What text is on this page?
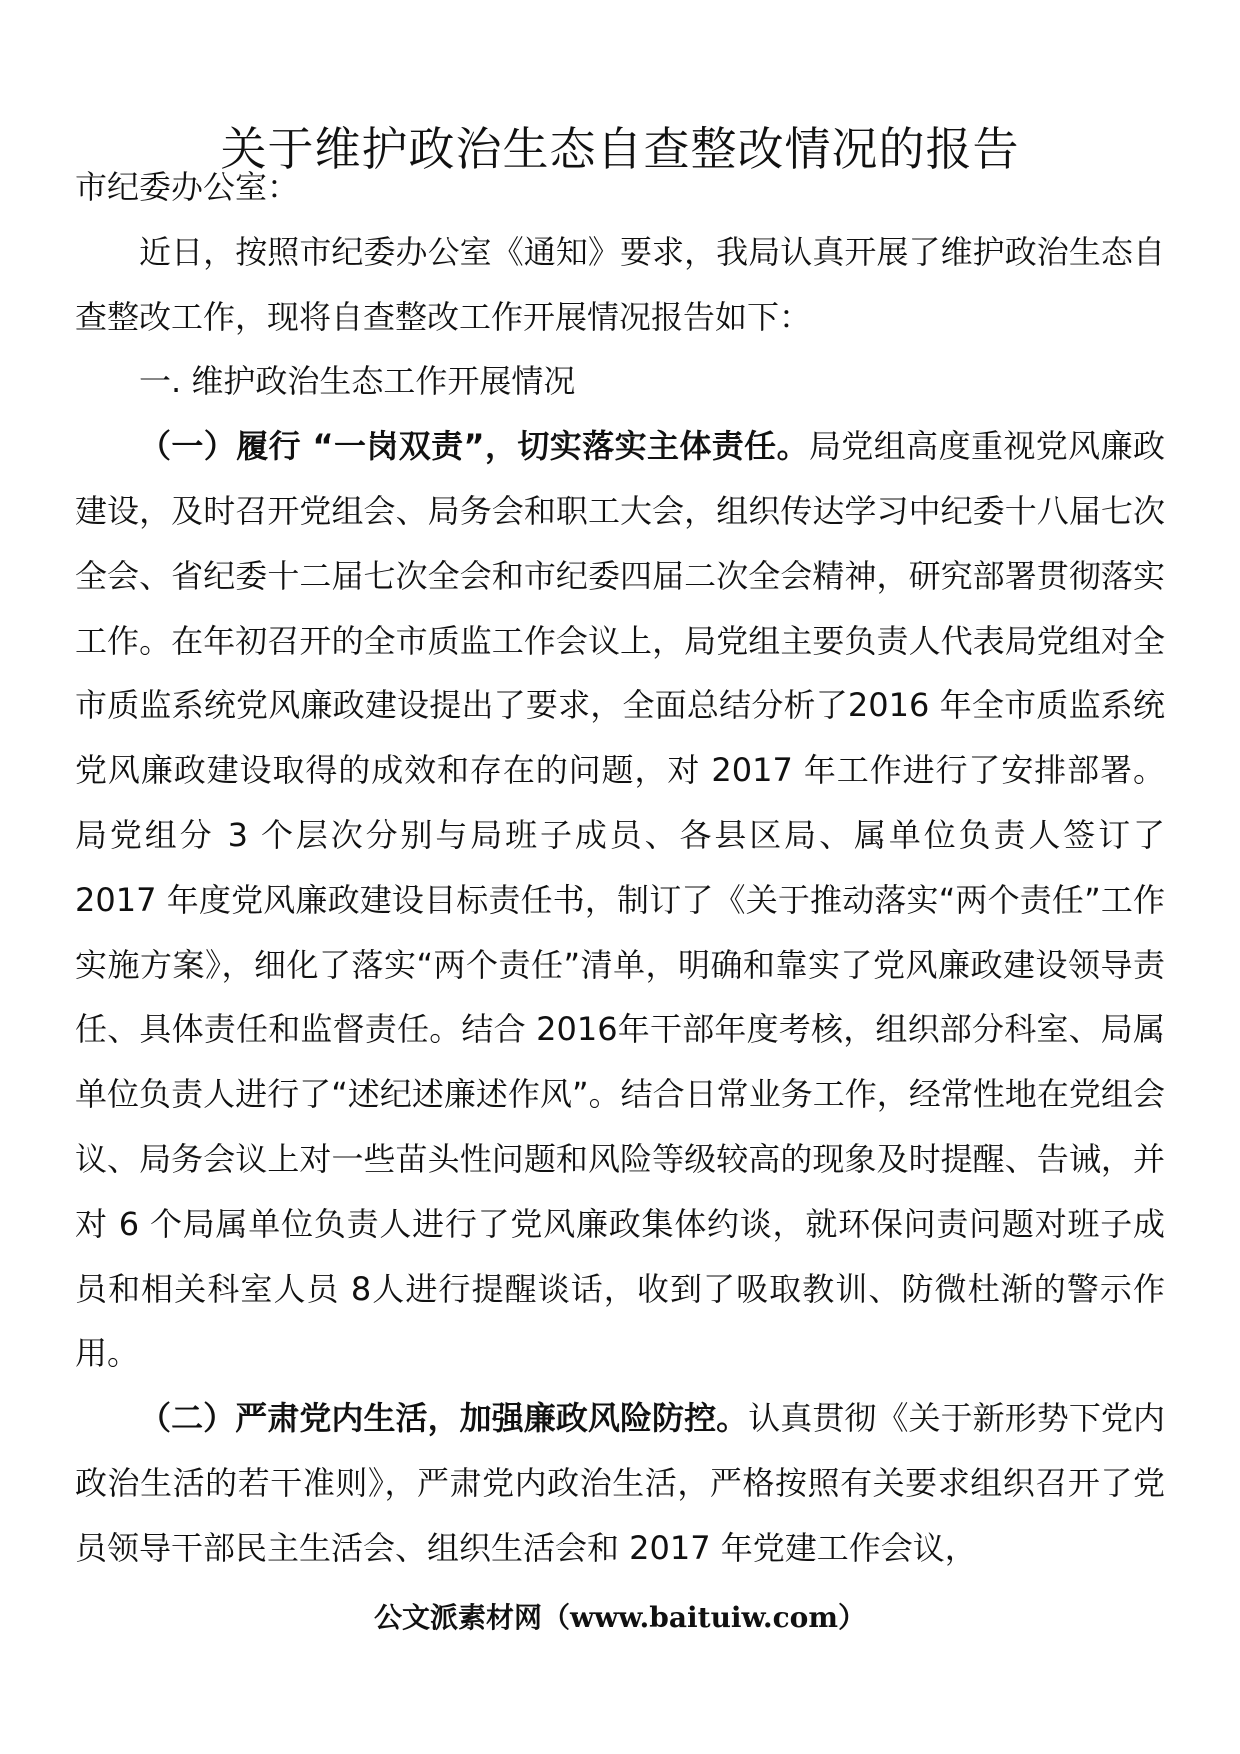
关于维护政治生态自查整改情况的报告

市纪委办公室：

近日，按照市纪委办公室《通知》要求，我局认真开展了维护政治生态自查整改工作，现将自查整改工作开展情况报告如下：

一. 维护政治生态工作开展情况

（一）履行 “一岗双责”，切实落实主体责任。局党组高度重视党风廉政建设，及时召开党组会、局务会和职工大会，组织传达学习中纪委十八届七次全会、省纪委十二届七次全会和市纪委四届二次全会精神，研究部署贯彻落实工作。在年初召开的全市质监工作会议上，局党组主要负责人代表局党组对全市质监系统党风廉政建设提出了要求，全面总结分析了2016 年全市质监系统党风廉政建设取得的成效和存在的问题，对 2017 年工作进行了安排部署。局党组分 3 个层次分别与局班子成员、各县区局、属单位负责人签订了 2017 年度党风廉政建设目标责任书，制订了《关于推动落实“两个责任”工作实施方案》，细化了落实“两个责任”清单，明确和靠实了党风廉政建设领导责任、具体责任和监督责任。结合 2016年干部年度考核，组织部分科室、局属单位负责人进行了“述纪述廉述作风”。结合日常业务工作，经常性地在党组会议、局务会议上对一些苗头性问题和风险等级较高的现象及时提醒、告诫，并对 6 个局属单位负责人进行了党风廉政集体约谈，就环保问责问题对班子成员和相关科室人员 8人进行提醒谈话，收到了吸取教训、防微杜渐的警示作用。

（二）严肃党内生活，加强廉政风险防控。认真贯彻《关于新形势下党内政治生活的若干准则》，严肃党内政治生活，严格按照有关要求组织召开了党员领导干部民主生活会、组织生活会和 2017 年党建工作会议，

公文派素材网（www.baituiw.com）
